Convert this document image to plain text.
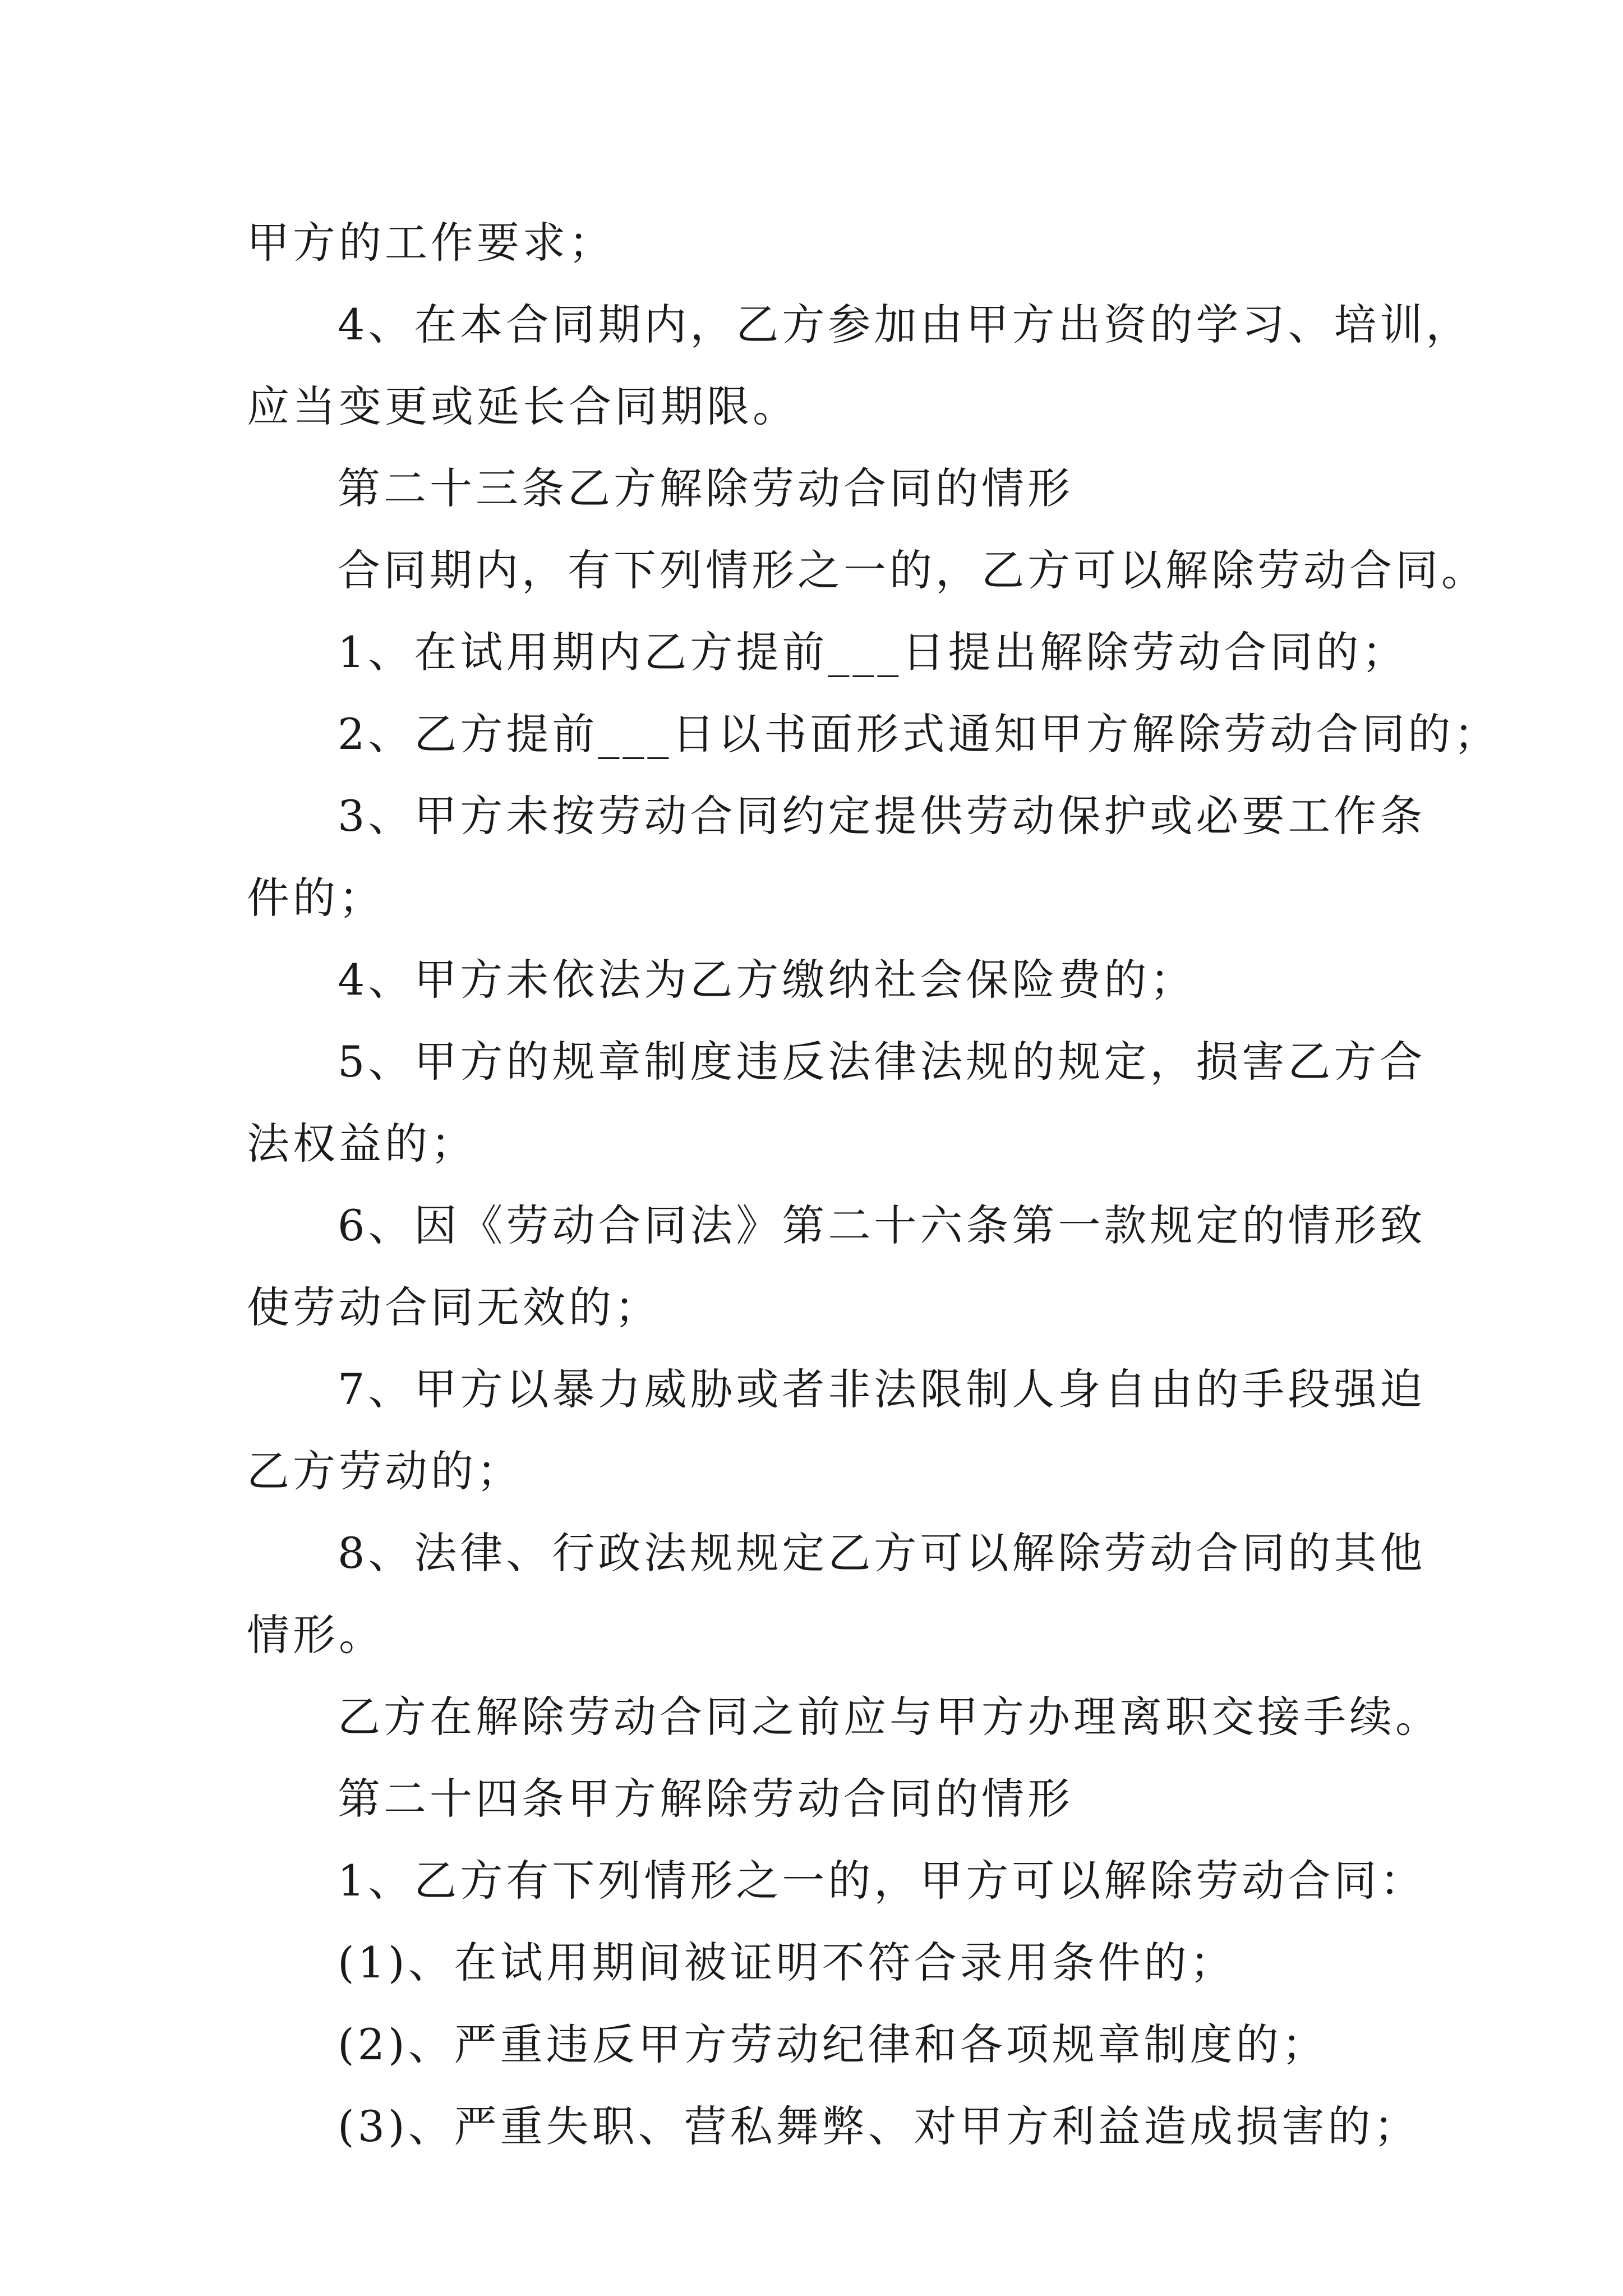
甲方的工作要求；
4、在本合同期内，乙方参加由甲方出资的学习、培训，
应当变更或延长合同期限。
第二十三条乙方解除劳动合同的情形
合同期内，有下列情形之一的，乙方可以解除劳动合同。
1、在试用期内乙方提前___日提出解除劳动合同的；
2、乙方提前___日以书面形式通知甲方解除劳动合同的；
3、甲方未按劳动合同约定提供劳动保护或必要工作条
件的；
4、甲方未依法为乙方缴纳社会保险费的；
5、甲方的规章制度违反法律法规的规定，损害乙方合
法权益的；
6、因《劳动合同法》第二十六条第一款规定的情形致
使劳动合同无效的；
7、甲方以暴力威胁或者非法限制人身自由的手段强迫
乙方劳动的；
8、法律、行政法规规定乙方可以解除劳动合同的其他
情形。
乙方在解除劳动合同之前应与甲方办理离职交接手续。
第二十四条甲方解除劳动合同的情形
1、乙方有下列情形之一的，甲方可以解除劳动合同：
(1)、在试用期间被证明不符合录用条件的；
(2)、严重违反甲方劳动纪律和各项规章制度的；
(3)、严重失职、营私舞弊、对甲方利益造成损害的；
